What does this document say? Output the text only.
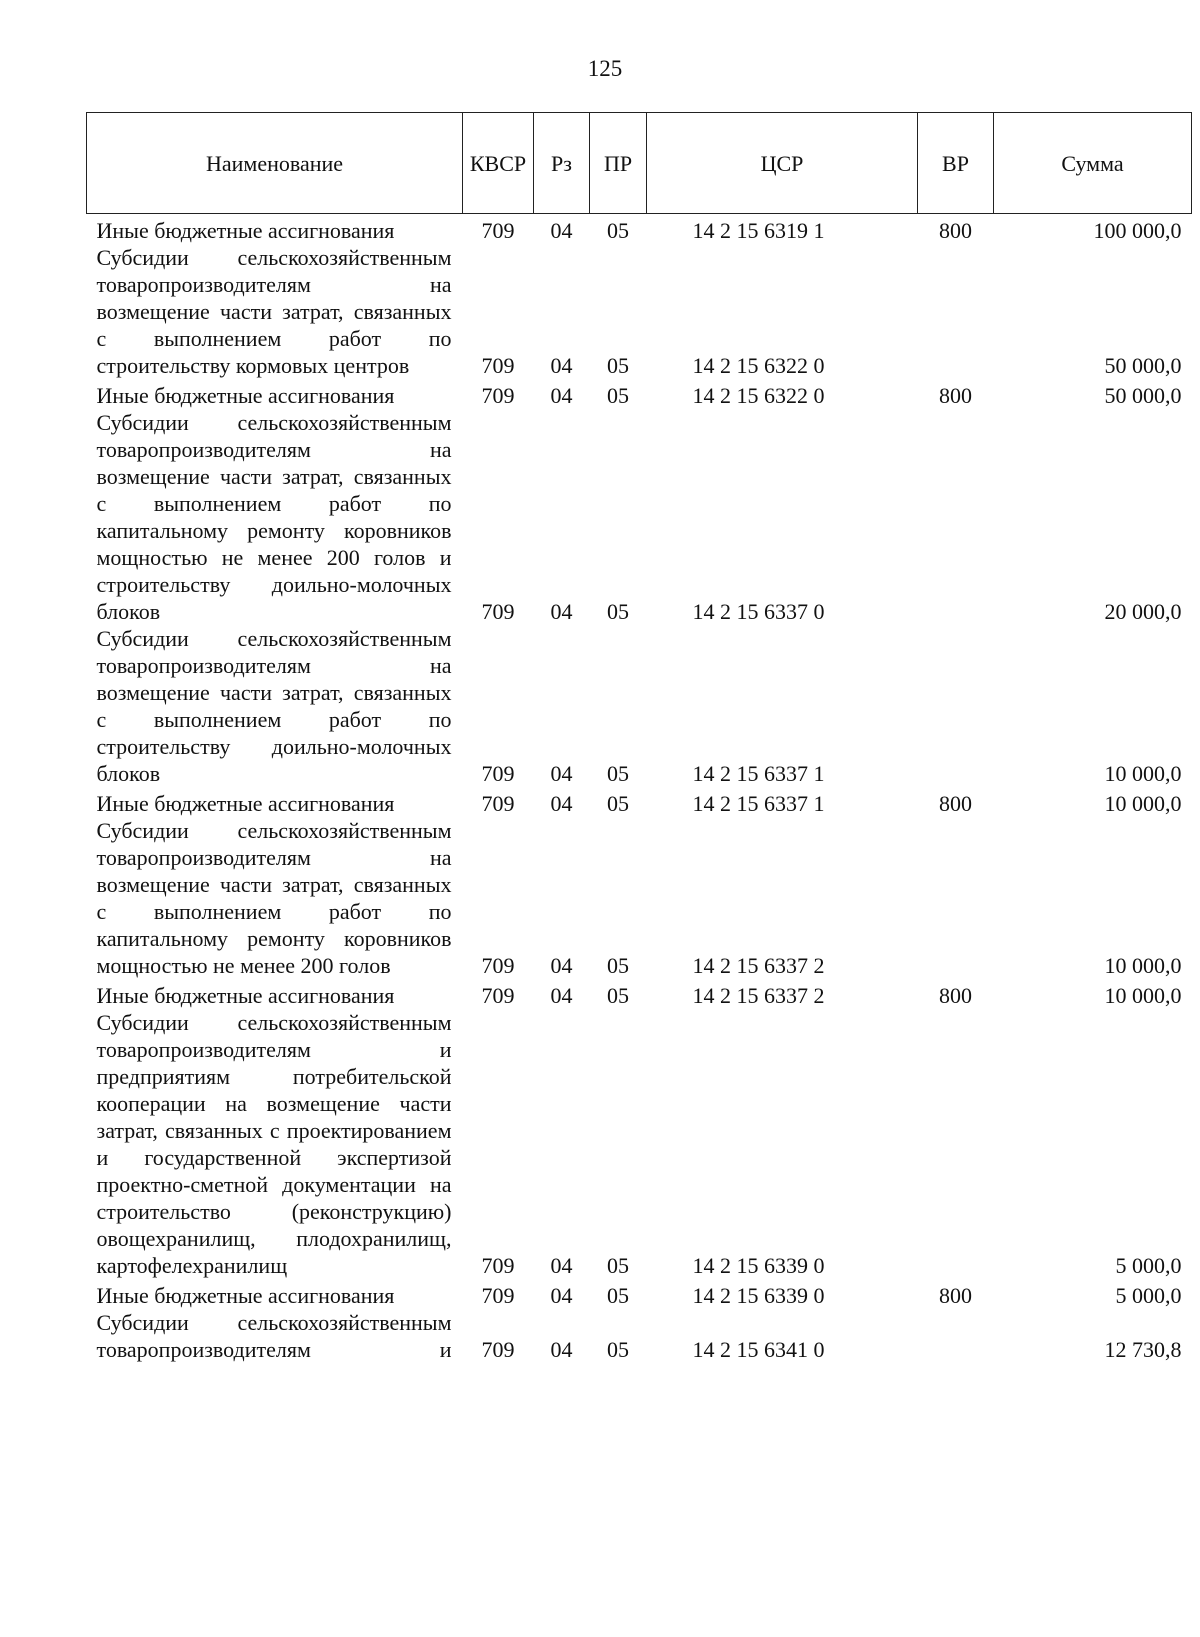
125
Наименование	КВСР	Рз	ПР	ЦСР	ВР	Сумма
Иные бюджетные ассигнования	709	04	05	14 2 15 6319 1	800	100 000,0
Субсидии сельскохозяйственным товаропроизводителям на возмещение части затрат, связанных с выполнением работ по строительству кормовых центров	709	04	05	14 2 15 6322 0		50 000,0
Иные бюджетные ассигнования	709	04	05	14 2 15 6322 0	800	50 000,0
Субсидии сельскохозяйственным товаропроизводителям на возмещение части затрат, связанных с выполнением работ по капитальному ремонту коровников мощностью не менее 200 голов и строительству доильно-молочных блоков	709	04	05	14 2 15 6337 0		20 000,0
Субсидии сельскохозяйственным товаропроизводителям на возмещение части затрат, связанных с выполнением работ по строительству доильно-молочных блоков	709	04	05	14 2 15 6337 1		10 000,0
Иные бюджетные ассигнования	709	04	05	14 2 15 6337 1	800	10 000,0
Субсидии сельскохозяйственным товаропроизводителям на возмещение части затрат, связанных с выполнением работ по капитальному ремонту коровников мощностью не менее 200 голов	709	04	05	14 2 15 6337 2		10 000,0
Иные бюджетные ассигнования	709	04	05	14 2 15 6337 2	800	10 000,0
Субсидии сельскохозяйственным товаропроизводителям и предприятиям потребительской кооперации на возмещение части затрат, связанных с проектированием и государственной экспертизой проектно-сметной документации на строительство (реконструкцию) овощехранилищ, плодохранилищ, картофелехранилищ	709	04	05	14 2 15 6339 0		5 000,0
Иные бюджетные ассигнования	709	04	05	14 2 15 6339 0	800	5 000,0
Субсидии сельскохозяйственным товаропроизводителям и	709	04	05	14 2 15 6341 0		12 730,8
